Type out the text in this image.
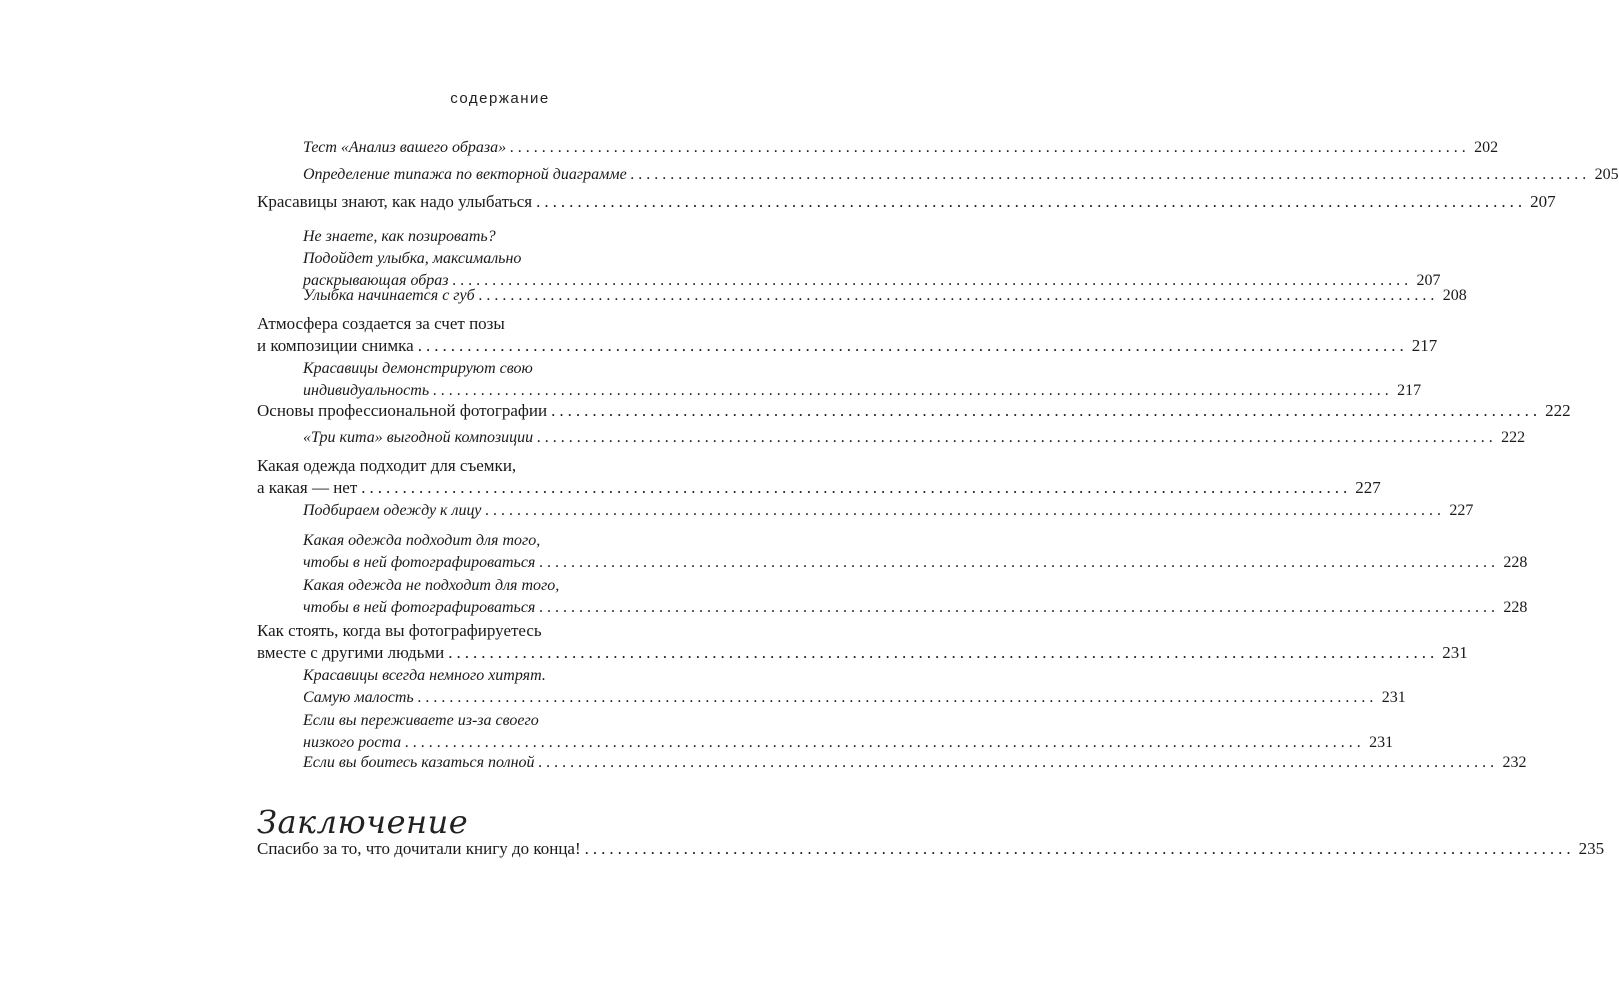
содержание
Тест «Анализ вашего образа» ........................................................................................................................ 202
Определение типажа по векторной диаграмме ........................................................................................................................ 205
Красавицы знают, как надо улыбаться ........................................................................................................................ 207
Не знаете, как позировать?
Подойдет улыбка, максимально
раскрывающая образ ........................................................................................................................ 207
Улыбка начинается с губ ........................................................................................................................ 208
Атмосфера создается за счет позы
и композиции снимка ........................................................................................................................ 217
Красавицы демонстрируют свою
индивидуальность ........................................................................................................................ 217
Основы профессиональной фотографии ........................................................................................................................ 222
«Три кита» выгодной композиции ........................................................................................................................ 222
Какая одежда подходит для съемки,
а какая — нет ........................................................................................................................ 227
Подбираем одежду к лицу ........................................................................................................................ 227
Какая одежда подходит для того,
чтобы в ней фотографироваться ........................................................................................................................ 228
Какая одежда не подходит для того,
чтобы в ней фотографироваться ........................................................................................................................ 228
Как стоять, когда вы фотографируетесь
вместе с другими людьми ........................................................................................................................ 231
Красавицы всегда немного хитрят.
Самую малость ........................................................................................................................ 231
Если вы переживаете из-за своего
низкого роста ........................................................................................................................ 231
Если вы боитесь казаться полной ........................................................................................................................ 232
Заключение
Спасибо за то, что дочитали книгу до конца! ........................................................................................................................ 235
